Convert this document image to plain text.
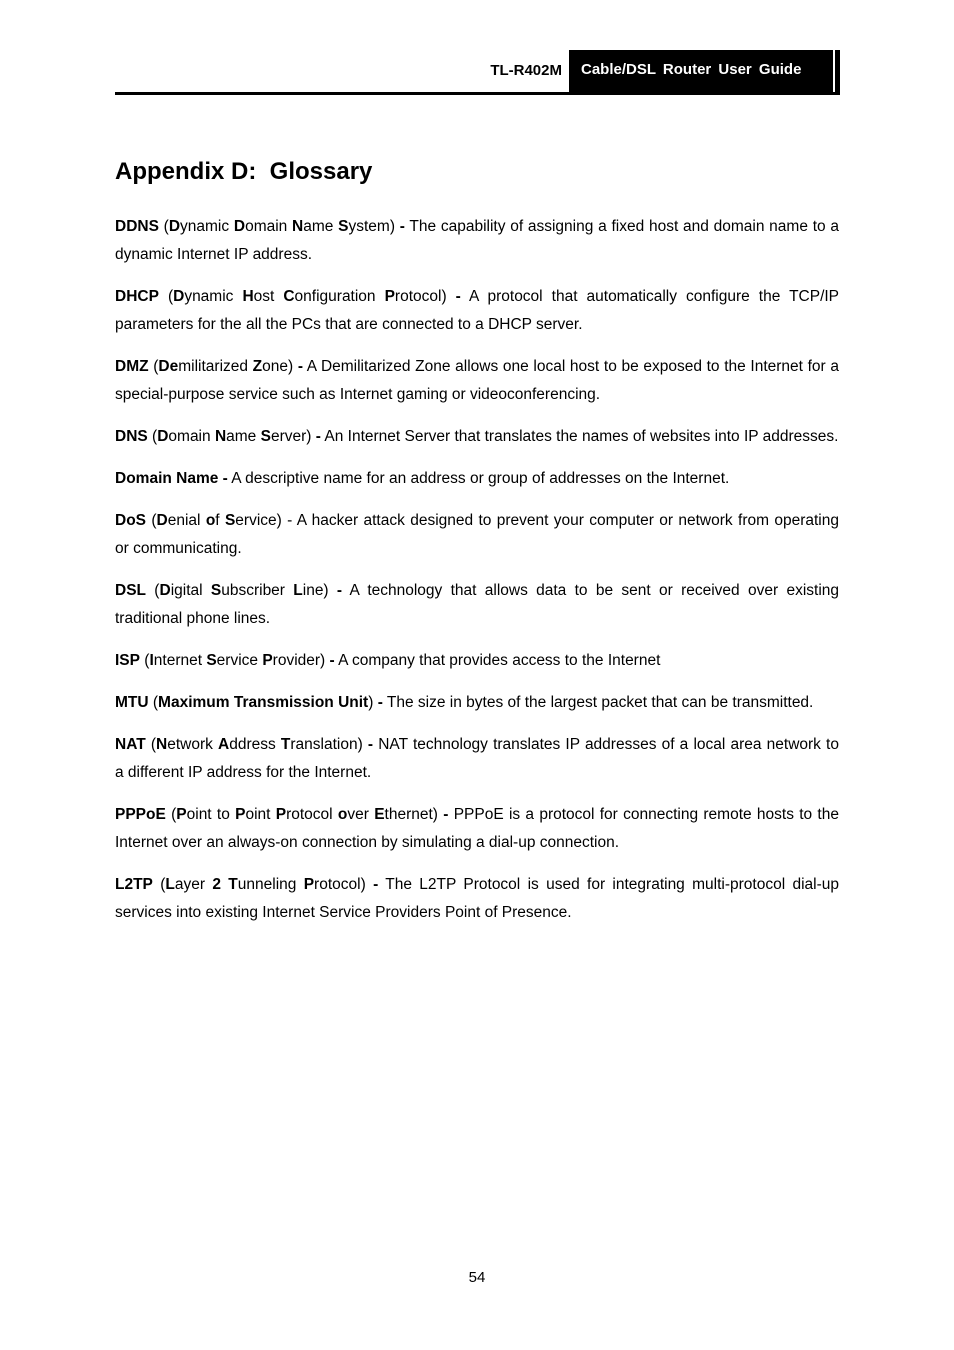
TL-R402M	Cable/DSL Router User Guide
Appendix D:  Glossary

DDNS (Dynamic Domain Name System) - The capability of assigning a fixed host and domain name to a dynamic Internet IP address.

DHCP (Dynamic Host Configuration Protocol) - A protocol that automatically configure the TCP/IP parameters for the all the PCs that are connected to a DHCP server.

DMZ (Demilitarized Zone) - A Demilitarized Zone allows one local host to be exposed to the Internet for a special-purpose service such as Internet gaming or videoconferencing.

DNS (Domain Name Server) - An Internet Server that translates the names of websites into IP addresses.

Domain Name - A descriptive name for an address or group of addresses on the Internet.

DoS (Denial of Service) - A hacker attack designed to prevent your computer or network from operating or communicating.

DSL (Digital Subscriber Line) - A technology that allows data to be sent or received over existing traditional phone lines.

ISP (Internet Service Provider) - A company that provides access to the Internet

MTU (Maximum Transmission Unit) - The size in bytes of the largest packet that can be transmitted.

NAT (Network Address Translation) - NAT technology translates IP addresses of a local area network to a different IP address for the Internet.

PPPoE (Point to Point Protocol over Ethernet) - PPPoE is a protocol for connecting remote hosts to the Internet over an always-on connection by simulating a dial-up connection.

L2TP (Layer 2 Tunneling Protocol) - The L2TP Protocol is used for integrating multi-protocol dial-up services into existing Internet Service Providers Point of Presence.

54
